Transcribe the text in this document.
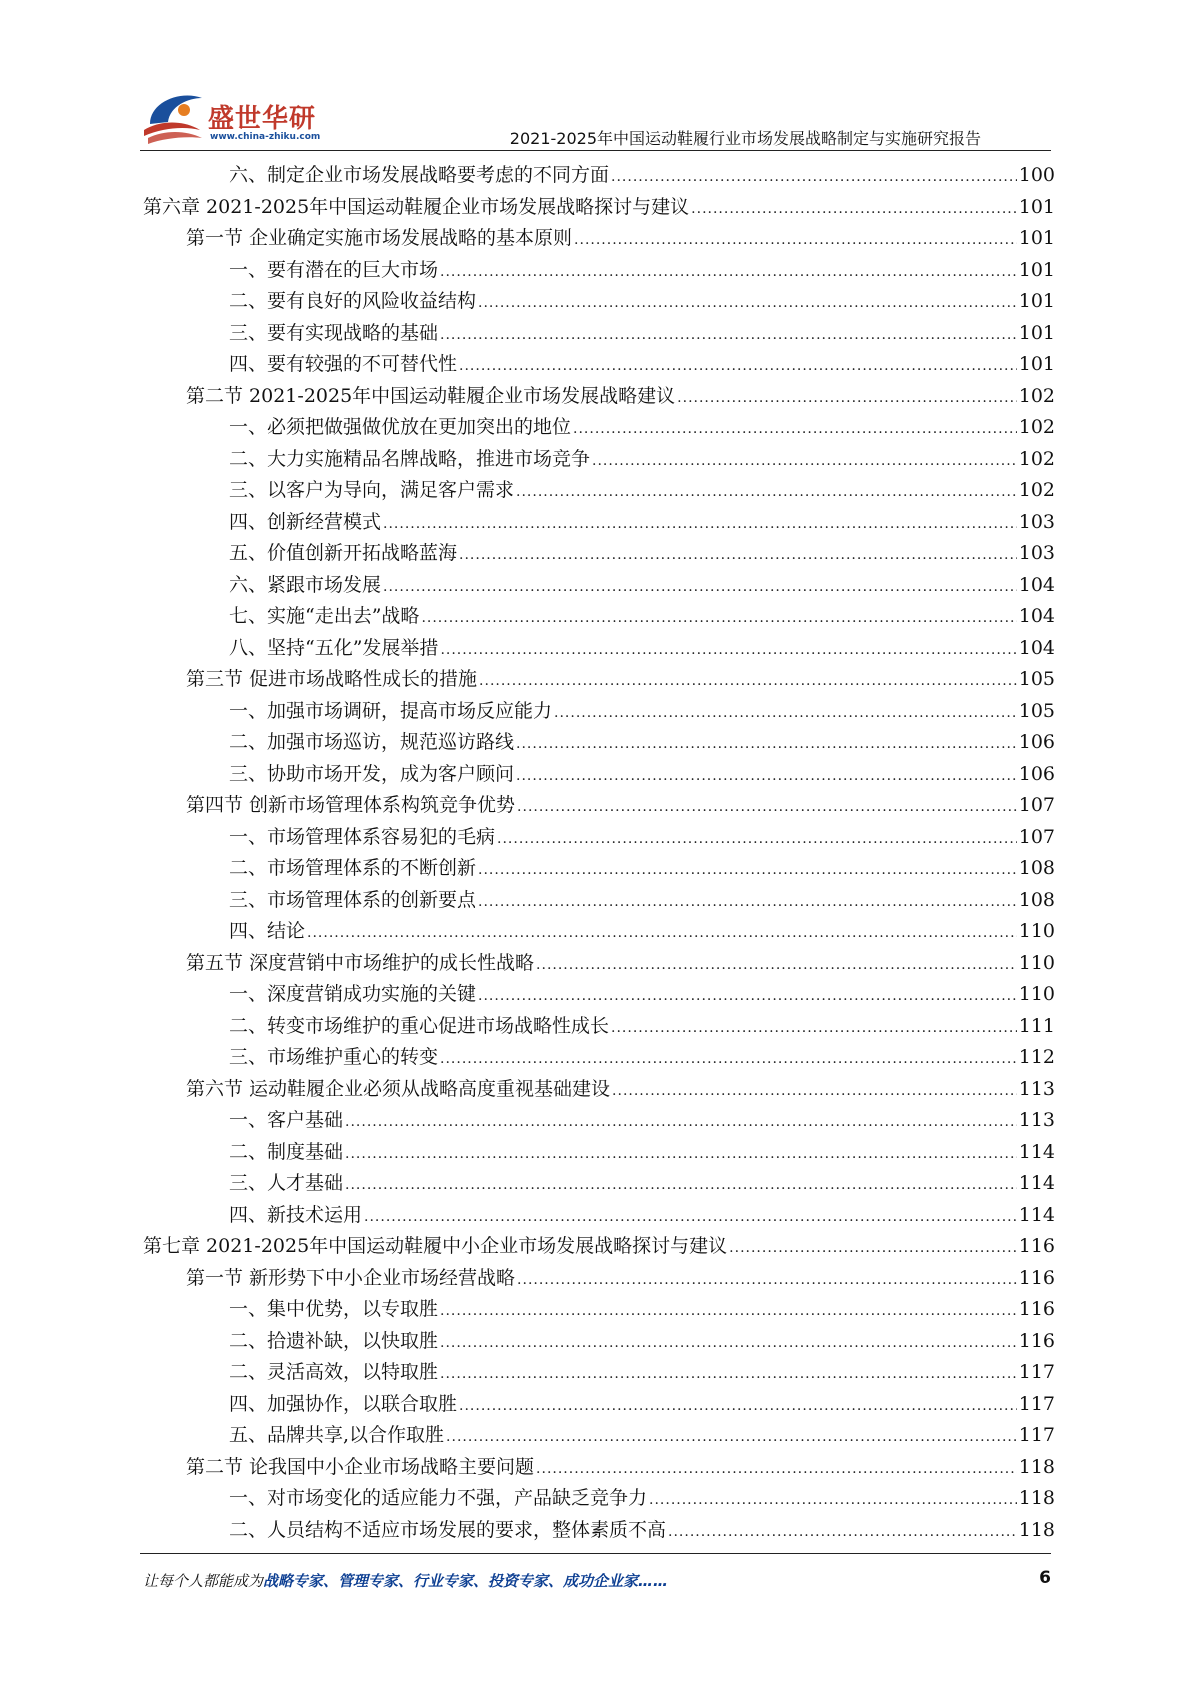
盛世华研
www.china-zhiku.com	2021-2025年中国运动鞋履行业市场发展战略制定与实施研究报告
六、制定企业市场发展战略要考虑的不同方面 .....	100
第六章 2021-2025年中国运动鞋履企业市场发展战略探讨与建议 .....	101
第一节 企业确定实施市场发展战略的基本原则 .....	101
一、要有潜在的巨大市场 .....	101
二、要有良好的风险收益结构 .....	101
三、要有实现战略的基础 .....	101
四、要有较强的不可替代性 .....	101
第二节 2021-2025年中国运动鞋履企业市场发展战略建议 .....	102
一、必须把做强做优放在更加突出的地位 .....	102
二、大力实施精品名牌战略，推进市场竞争 .....	102
三、以客户为导向，满足客户需求 .....	102
四、创新经营模式 .....	103
五、价值创新开拓战略蓝海 .....	103
六、紧跟市场发展 .....	104
七、实施“走出去”战略 .....	104
八、坚持“五化”发展举措 .....	104
第三节 促进市场战略性成长的措施 .....	105
一、加强市场调研，提高市场反应能力 .....	105
二、加强市场巡访，规范巡访路线 .....	106
三、协助市场开发，成为客户顾问 .....	106
第四节 创新市场管理体系构筑竞争优势 .....	107
一、市场管理体系容易犯的毛病 .....	107
二、市场管理体系的不断创新 .....	108
三、市场管理体系的创新要点 .....	108
四、结论 .....	110
第五节 深度营销中市场维护的成长性战略 .....	110
一、深度营销成功实施的关键 .....	110
二、转变市场维护的重心促进市场战略性成长 .....	111
三、市场维护重心的转变 .....	112
第六节 运动鞋履企业必须从战略高度重视基础建设 .....	113
一、客户基础 .....	113
二、制度基础 .....	114
三、人才基础 .....	114
四、新技术运用 .....	114
第七章 2021-2025年中国运动鞋履中小企业市场发展战略探讨与建议 .....	116
第一节 新形势下中小企业市场经营战略 .....	116
一、集中优势，以专取胜 .....	116
二、拾遗补缺，以快取胜 .....	116
二、灵活高效，以特取胜 .....	117
四、加强协作，以联合取胜 .....	117
五、品牌共享,以合作取胜 .....	117
第二节 论我国中小企业市场战略主要问题 .....	118
一、对市场变化的适应能力不强，产品缺乏竞争力 .....	118
二、人员结构不适应市场发展的要求，整体素质不高 .....	118
让每个人都能成为战略专家、管理专家、行业专家、投资专家、成功企业家……	6
